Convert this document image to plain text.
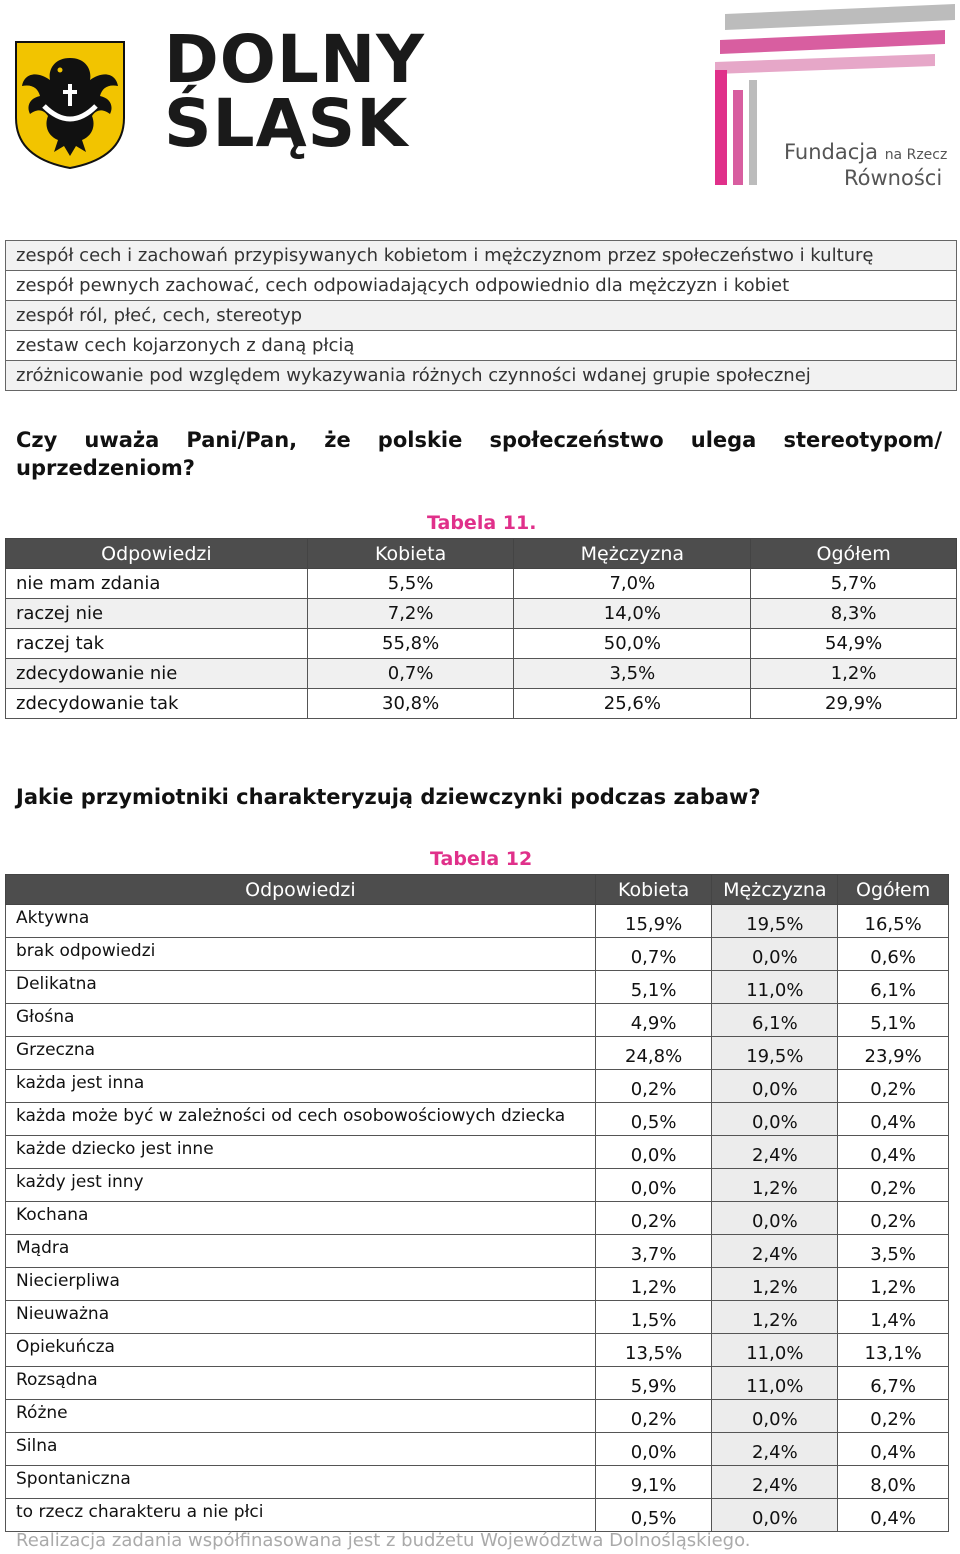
DOLNY
ŚLĄSK	Fundacja na Rzecz
Równości
zespół cech i zachowań przypisywanych kobietom i mężczyznom przez społeczeństwo i kulturę
zespół pewnych zachować, cech odpowiadających odpowiednio dla mężczyzn i kobiet
zespół ról, płeć, cech, stereotyp
zestaw cech kojarzonych z daną płcią
zróżnicowanie pod względem wykazywania różnych czynności wdanej grupie społecznej
Czy uważa Pani/Pan, że polskie społeczeństwo ulega stereotypom/ uprzedzeniom?
Tabela 11.
Odpowiedzi	Kobieta	Mężczyzna	Ogółem
nie mam zdania	5,5%	7,0%	5,7%
raczej nie	7,2%	14,0%	8,3%
raczej tak	55,8%	50,0%	54,9%
zdecydowanie nie	0,7%	3,5%	1,2%
zdecydowanie tak	30,8%	25,6%	29,9%
Jakie przymiotniki charakteryzują dziewczynki podczas zabaw?
Tabela 12
Odpowiedzi	Kobieta	Mężczyzna	Ogółem
Aktywna	15,9%	19,5%	16,5%
brak odpowiedzi	0,7%	0,0%	0,6%
Delikatna	5,1%	11,0%	6,1%
Głośna	4,9%	6,1%	5,1%
Grzeczna	24,8%	19,5%	23,9%
każda jest inna	0,2%	0,0%	0,2%
każda może być w zależności od cech osobowościowych dziecka	0,5%	0,0%	0,4%
każde dziecko jest inne	0,0%	2,4%	0,4%
każdy jest inny	0,0%	1,2%	0,2%
Kochana	0,2%	0,0%	0,2%
Mądra	3,7%	2,4%	3,5%
Niecierpliwa	1,2%	1,2%	1,2%
Nieuważna	1,5%	1,2%	1,4%
Opiekuńcza	13,5%	11,0%	13,1%
Rozsądna	5,9%	11,0%	6,7%
Różne	0,2%	0,0%	0,2%
Silna	0,0%	2,4%	0,4%
Spontaniczna	9,1%	2,4%	8,0%
to rzecz charakteru a nie płci	0,5%	0,0%	0,4%
Realizacja zadania współfinasowana jest z budżetu Województwa Dolnośląskiego.
